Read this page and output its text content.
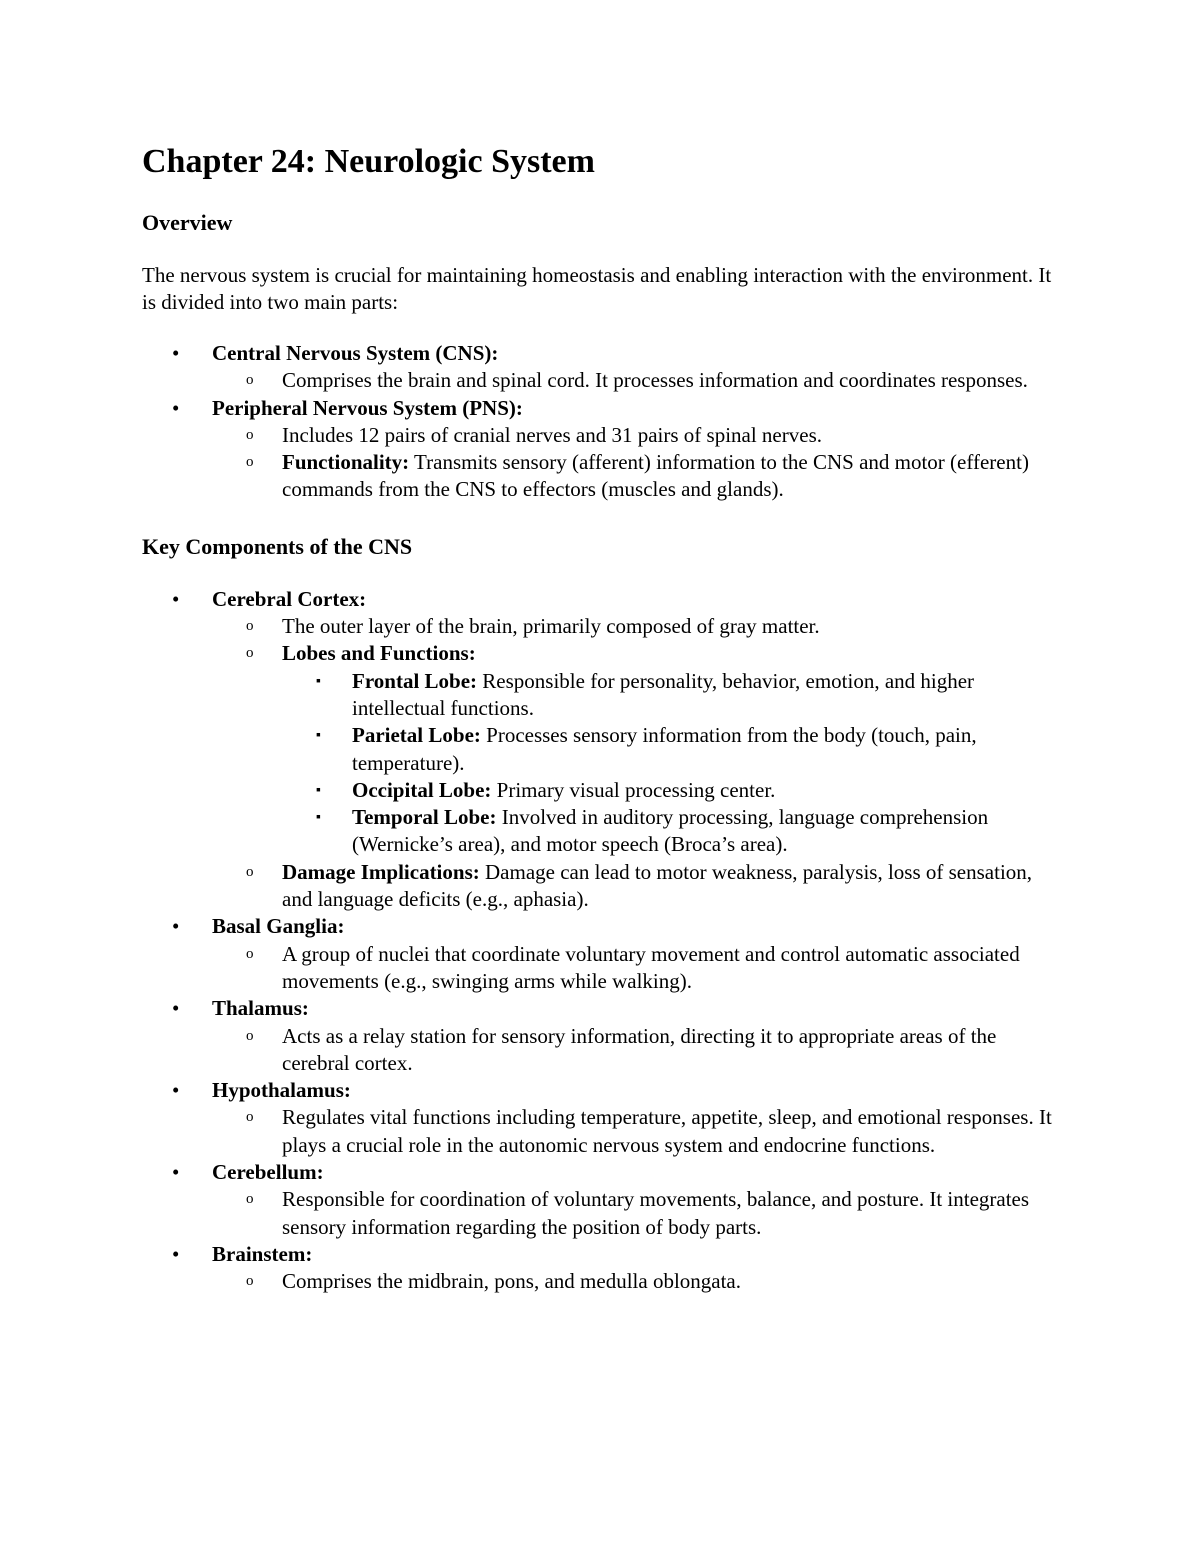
Chapter 24: Neurologic System
Overview

The nervous system is crucial for maintaining homeostasis and enabling interaction with the environment. It is divided into two main parts:

•	Central Nervous System (CNS):
o	Comprises the brain and spinal cord. It processes information and coordinates responses.
•	Peripheral Nervous System (PNS):
o	Includes 12 pairs of cranial nerves and 31 pairs of spinal nerves.
o	Functionality: Transmits sensory (afferent) information to the CNS and motor (efferent) commands from the CNS to effectors (muscles and glands).
Key Components of the CNS
•	Cerebral Cortex:
o	The outer layer of the brain, primarily composed of gray matter.
o	Lobes and Functions:
▪	Frontal Lobe: Responsible for personality, behavior, emotion, and higher intellectual functions.
▪	Parietal Lobe: Processes sensory information from the body (touch, pain, temperature).
▪	Occipital Lobe: Primary visual processing center.
▪	Temporal Lobe: Involved in auditory processing, language comprehension (Wernicke’s area), and motor speech (Broca’s area).
o	Damage Implications: Damage can lead to motor weakness, paralysis, loss of sensation, and language deficits (e.g., aphasia).
•	Basal Ganglia:
o	A group of nuclei that coordinate voluntary movement and control automatic associated movements (e.g., swinging arms while walking).
•	Thalamus:
o	Acts as a relay station for sensory information, directing it to appropriate areas of the cerebral cortex.
•	Hypothalamus:
o	Regulates vital functions including temperature, appetite, sleep, and emotional responses. It plays a crucial role in the autonomic nervous system and endocrine functions.
•	Cerebellum:
o	Responsible for coordination of voluntary movements, balance, and posture. It integrates sensory information regarding the position of body parts.
•	Brainstem:
o	Comprises the midbrain, pons, and medulla oblongata.
